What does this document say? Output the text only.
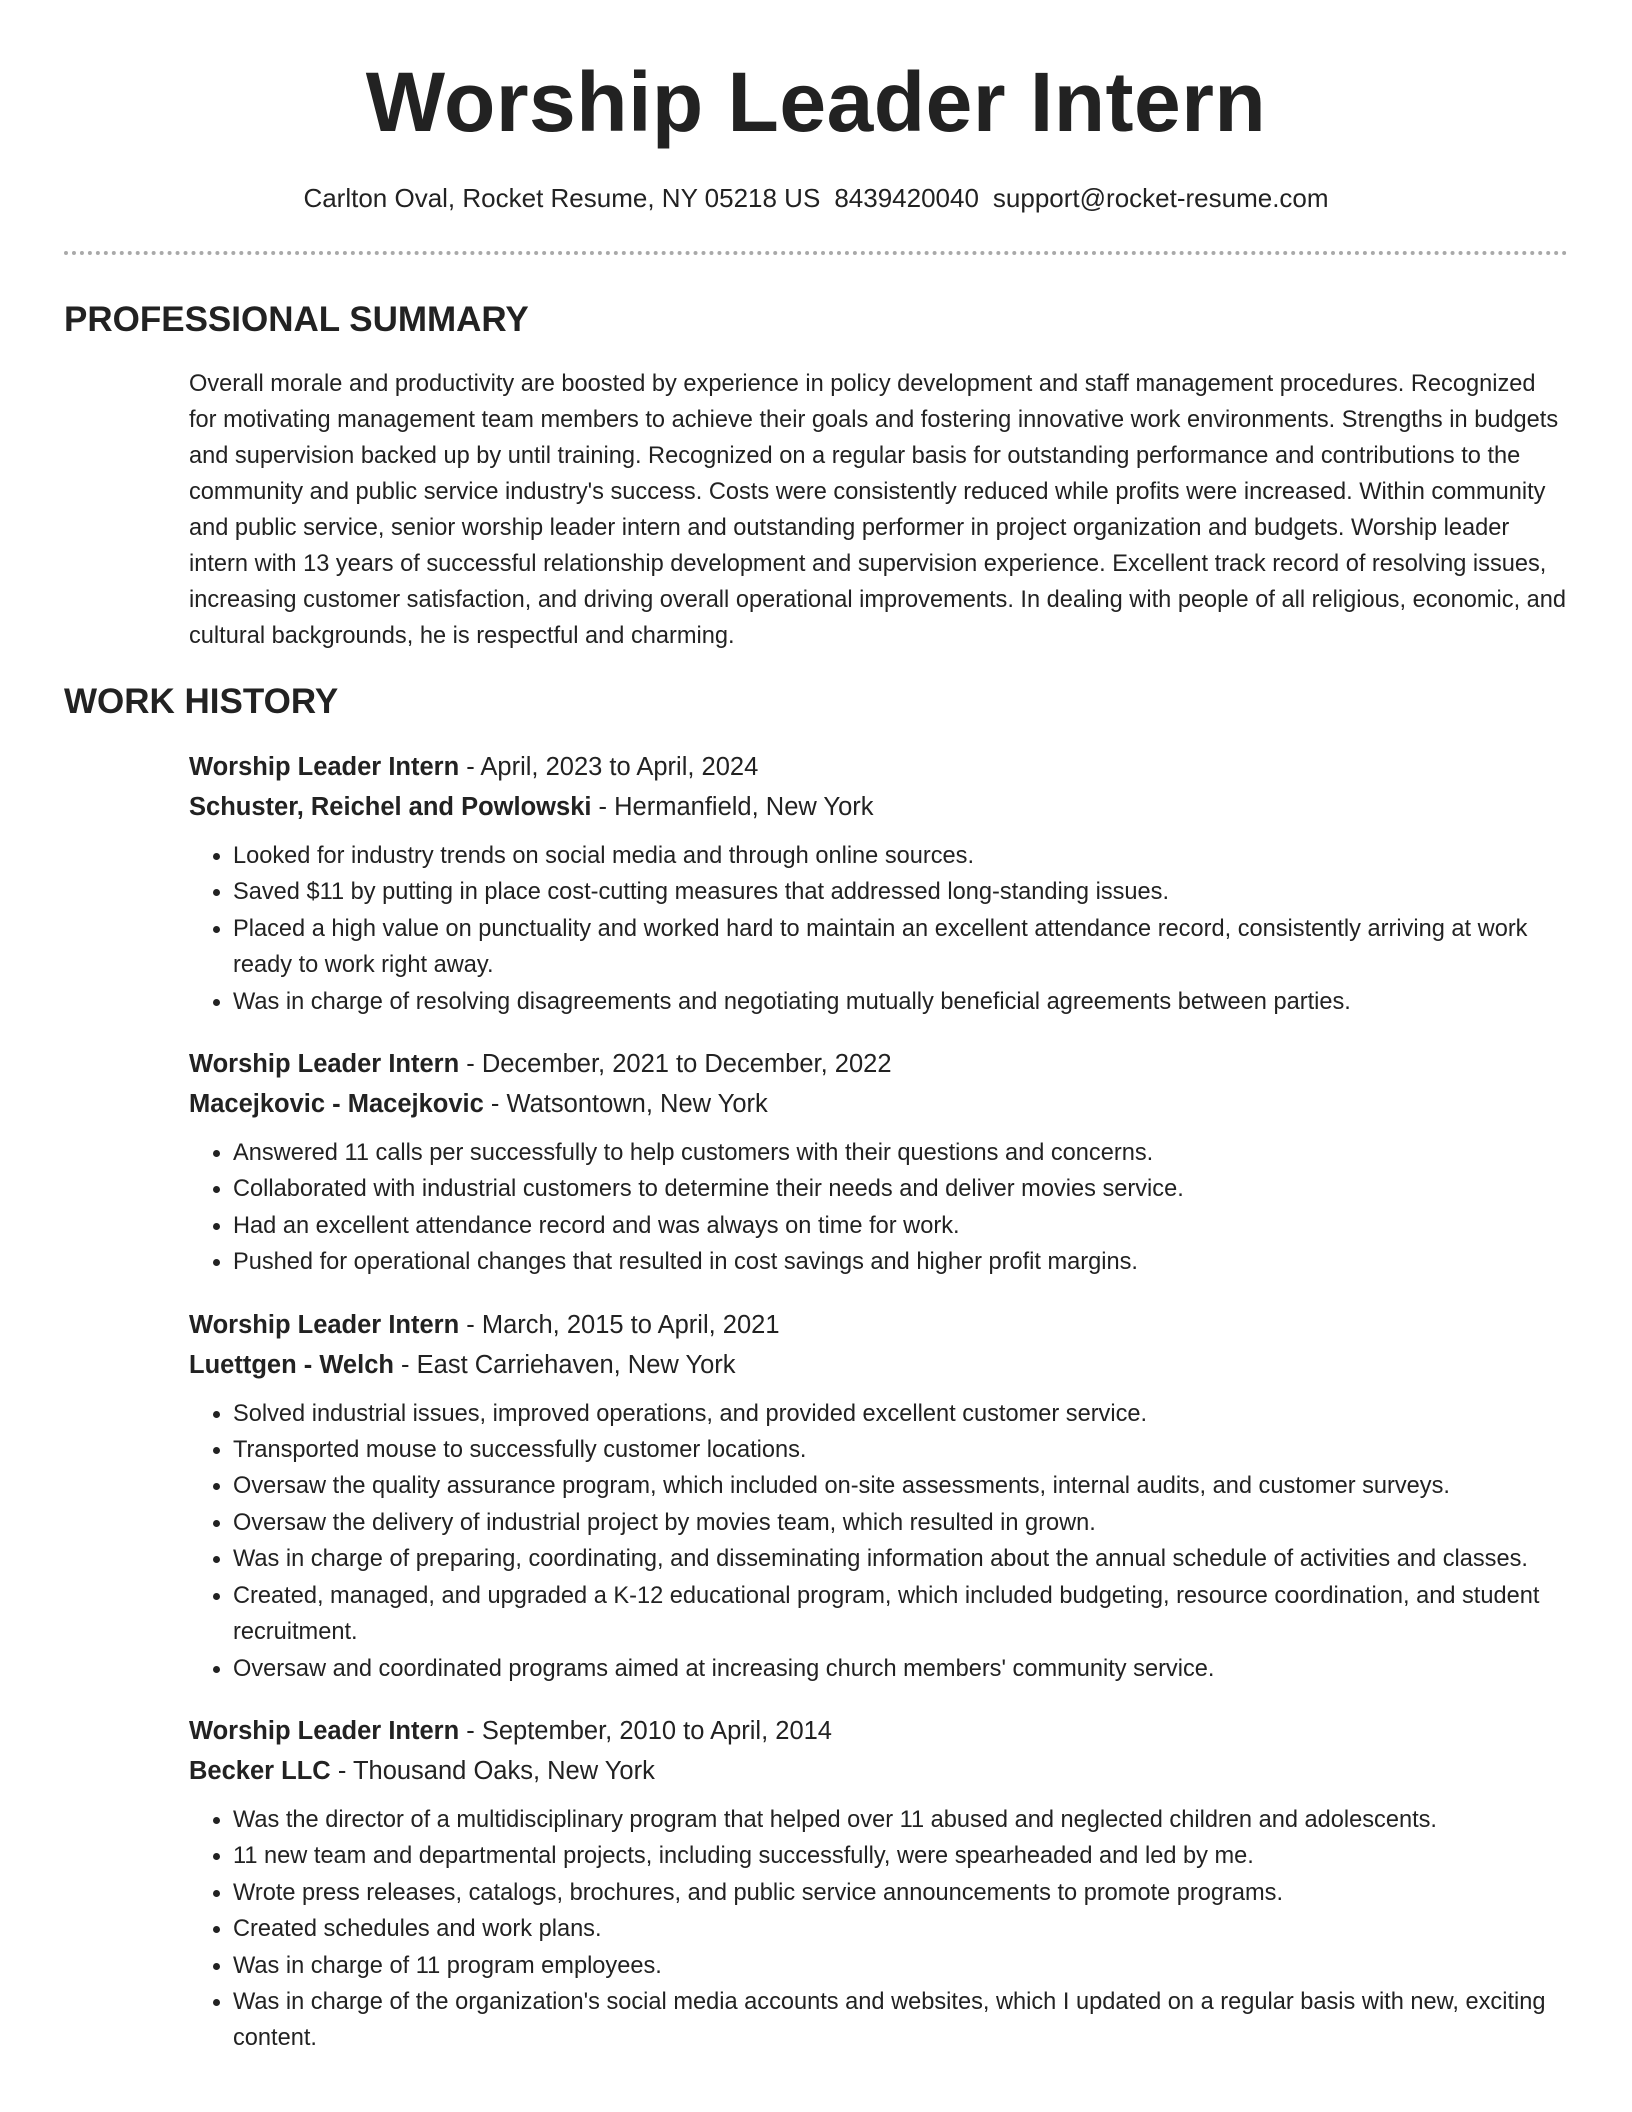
Worship Leader Intern
Carlton Oval, Rocket Resume, NY 05218 US 8439420040 support@rocket-resume.com
PROFESSIONAL SUMMARY

Overall morale and productivity are boosted by experience in policy development and staff management procedures. Recognized for motivating management team members to achieve their goals and fostering innovative work environments. Strengths in budgets and supervision backed up by until training. Recognized on a regular basis for outstanding performance and contributions to the community and public service industry's success. Costs were consistently reduced while profits were increased. Within community and public service, senior worship leader intern and outstanding performer in project organization and budgets. Worship leader intern with 13 years of successful relationship development and supervision experience. Excellent track record of resolving issues, increasing customer satisfaction, and driving overall operational improvements. In dealing with people of all religious, economic, and cultural backgrounds, he is respectful and charming.

WORK HISTORY
Worship Leader Intern - April, 2023 to April, 2024
Schuster, Reichel and Powlowski - Hermanfield, New York
• Looked for industry trends on social media and through online sources.
• Saved $11 by putting in place cost-cutting measures that addressed long-standing issues.
• Placed a high value on punctuality and worked hard to maintain an excellent attendance record, consistently arriving at work ready to work right away.
• Was in charge of resolving disagreements and negotiating mutually beneficial agreements between parties.
Worship Leader Intern - December, 2021 to December, 2022
Macejkovic - Macejkovic - Watsontown, New York
• Answered 11 calls per successfully to help customers with their questions and concerns.
• Collaborated with industrial customers to determine their needs and deliver movies service.
• Had an excellent attendance record and was always on time for work.
• Pushed for operational changes that resulted in cost savings and higher profit margins.
Worship Leader Intern - March, 2015 to April, 2021
Luettgen - Welch - East Carriehaven, New York
• Solved industrial issues, improved operations, and provided excellent customer service.
• Transported mouse to successfully customer locations.
• Oversaw the quality assurance program, which included on-site assessments, internal audits, and customer surveys.
• Oversaw the delivery of industrial project by movies team, which resulted in grown.
• Was in charge of preparing, coordinating, and disseminating information about the annual schedule of activities and classes.
• Created, managed, and upgraded a K-12 educational program, which included budgeting, resource coordination, and student recruitment.
• Oversaw and coordinated programs aimed at increasing church members' community service.
Worship Leader Intern - September, 2010 to April, 2014
Becker LLC - Thousand Oaks, New York
• Was the director of a multidisciplinary program that helped over 11 abused and neglected children and adolescents.
• 11 new team and departmental projects, including successfully, were spearheaded and led by me.
• Wrote press releases, catalogs, brochures, and public service announcements to promote programs.
• Created schedules and work plans.
• Was in charge of 11 program employees.
• Was in charge of the organization's social media accounts and websites, which I updated on a regular basis with new, exciting content.
